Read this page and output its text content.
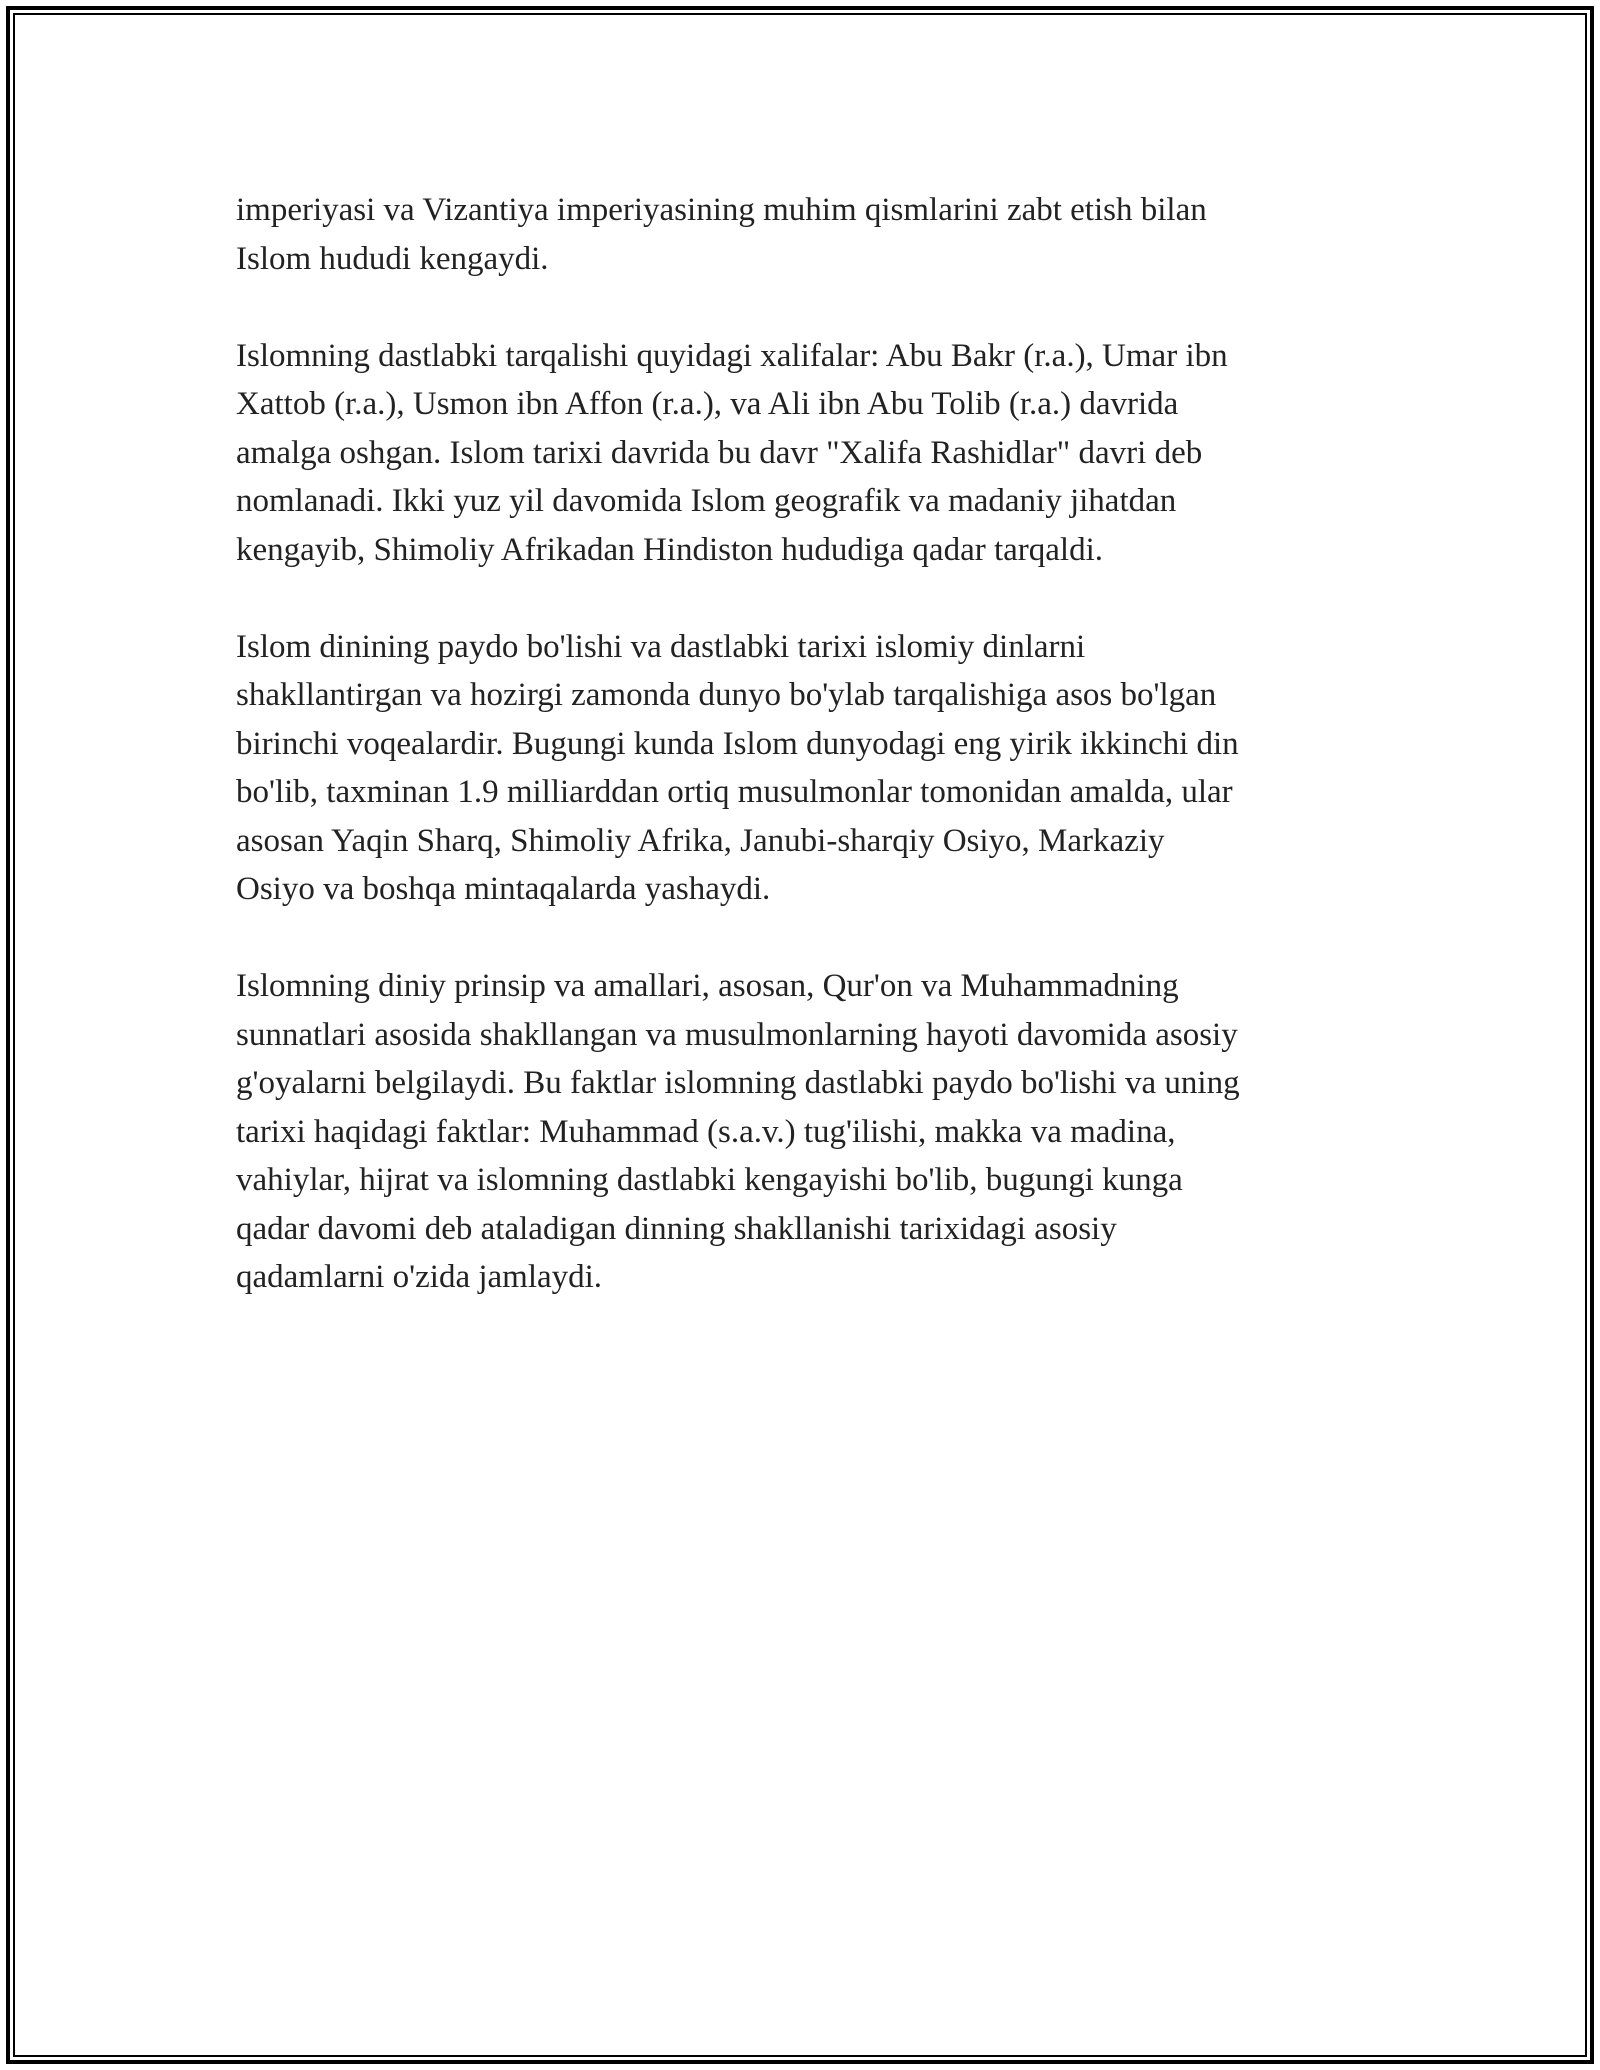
imperiyasi va Vizantiya imperiyasining muhim qismlarini zabt etish bilan
Islom hududi kengaydi.

Islomning dastlabki tarqalishi quyidagi xalifalar: Abu Bakr (r.a.), Umar ibn
Xattob (r.a.), Usmon ibn Affon (r.a.), va Ali ibn Abu Tolib (r.a.) davrida
amalga oshgan. Islom tarixi davrida bu davr "Xalifa Rashidlar" davri deb
nomlanadi. Ikki yuz yil davomida Islom geografik va madaniy jihatdan
kengayib, Shimoliy Afrikadan Hindiston hududiga qadar tarqaldi.

Islom dinining paydo bo'lishi va dastlabki tarixi islomiy dinlarni
shakllantirgan va hozirgi zamonda dunyo bo'ylab tarqalishiga asos bo'lgan
birinchi voqealardir. Bugungi kunda Islom dunyodagi eng yirik ikkinchi din
bo'lib, taxminan 1.9 milliarddan ortiq musulmonlar tomonidan amalda, ular
asosan Yaqin Sharq, Shimoliy Afrika, Janubi-sharqiy Osiyo, Markaziy
Osiyo va boshqa mintaqalarda yashaydi.

Islomning diniy prinsip va amallari, asosan, Qur'on va Muhammadning
sunnatlari asosida shakllangan va musulmonlarning hayoti davomida asosiy
g'oyalarni belgilaydi. Bu faktlar islomning dastlabki paydo bo'lishi va uning
tarixi haqidagi faktlar: Muhammad (s.a.v.) tug'ilishi, makka va madina,
vahiylar, hijrat va islomning dastlabki kengayishi bo'lib, bugungi kunga
qadar davomi deb ataladigan dinning shakllanishi tarixidagi asosiy
qadamlarni o'zida jamlaydi.
